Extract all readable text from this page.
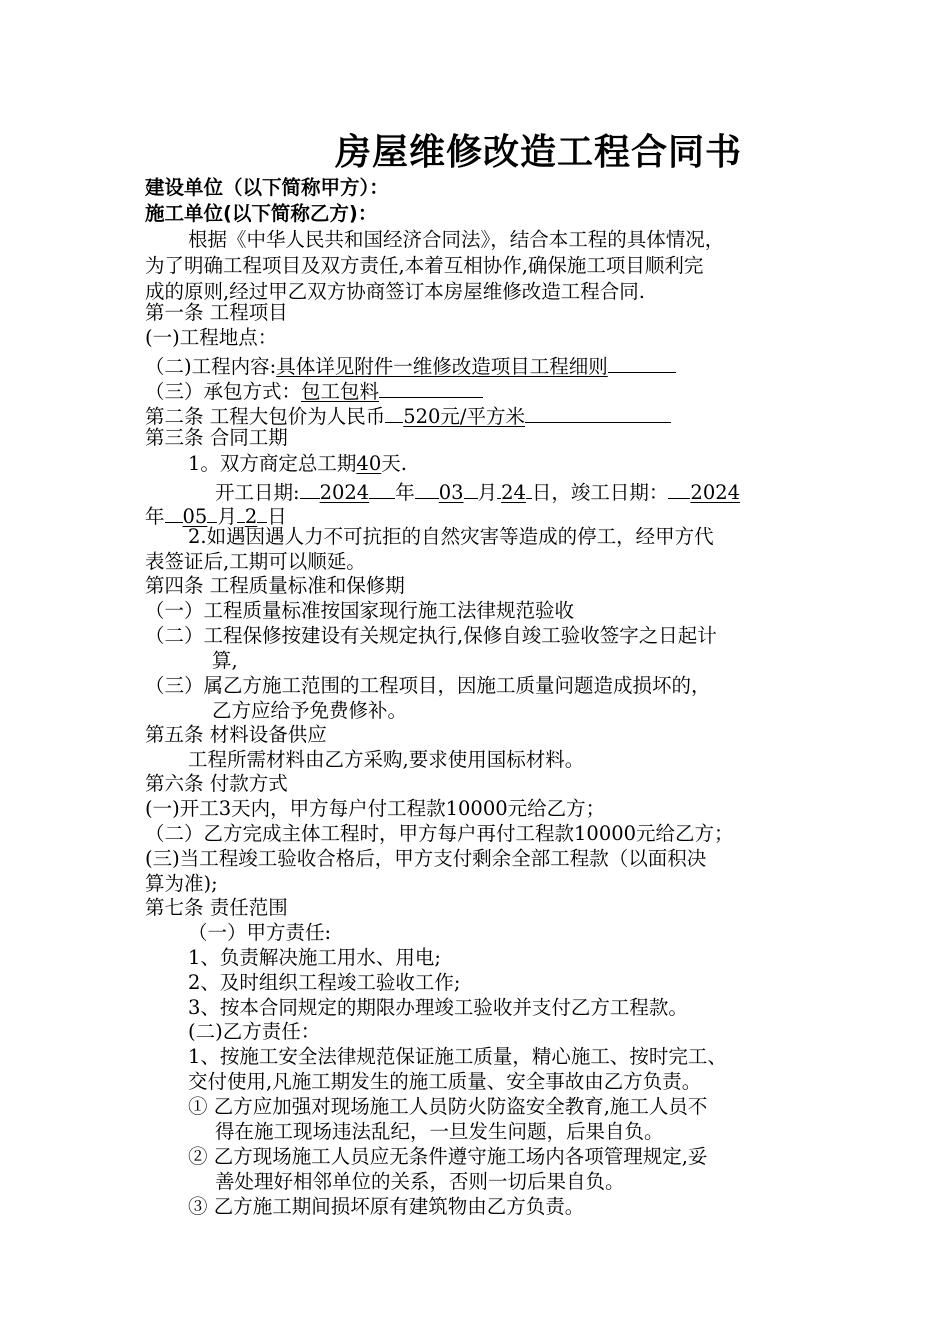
房屋维修改造工程合同书
建设单位（以下简称甲方）：
施工单位(以下简称乙方)：
根据《中华人民共和国经济合同法》，结合本工程的具体情况，
为了明确工程项目及双方责任,本着互相协作,确保施工项目顺利完
成的原则,经过甲乙双方协商签订本房屋维修改造工程合同.
第一条 工程项目
(一)工程地点：
（二)工程内容:具体详见附件一维修改造项目工程细则
（三）承包方式：包工包料
第二条 工程大包价为人民币 520元/平方米
第三条 合同工期
1。双方商定总工期40天.
开工日期: 2024 年 03 月 24 日，竣工日期： 2024
年 05 月 2 日
2.如遇因遇人力不可抗拒的自然灾害等造成的停工，经甲方代
表签证后,工期可以顺延。
第四条 工程质量标准和保修期
（一）工程质量标准按国家现行施工法律规范验收
（二）工程保修按建设有关规定执行,保修自竣工验收签字之日起计
算,
（三）属乙方施工范围的工程项目，因施工质量问题造成损坏的，
乙方应给予免费修补。
第五条 材料设备供应
工程所需材料由乙方采购,要求使用国标材料。
第六条 付款方式
(一)开工3天内，甲方每户付工程款10000元给乙方；
（二）乙方完成主体工程时，甲方每户再付工程款10000元给乙方；
(三)当工程竣工验收合格后，甲方支付剩余全部工程款（以面积决
算为准);
第七条 责任范围
（一）甲方责任:
1、负责解决施工用水、用电;
2、及时组织工程竣工验收工作;
3、按本合同规定的期限办理竣工验收并支付乙方工程款。
(二)乙方责任：
1、按施工安全法律规范保证施工质量，精心施工、按时完工、
交付使用,凡施工期发生的施工质量、安全事故由乙方负责。
① 乙方应加强对现场施工人员防火防盗安全教育,施工人员不
得在施工现场违法乱纪，一旦发生问题，后果自负。
② 乙方现场施工人员应无条件遵守施工场内各项管理规定,妥
善处理好相邻单位的关系，否则一切后果自负。
③ 乙方施工期间损坏原有建筑物由乙方负责。
